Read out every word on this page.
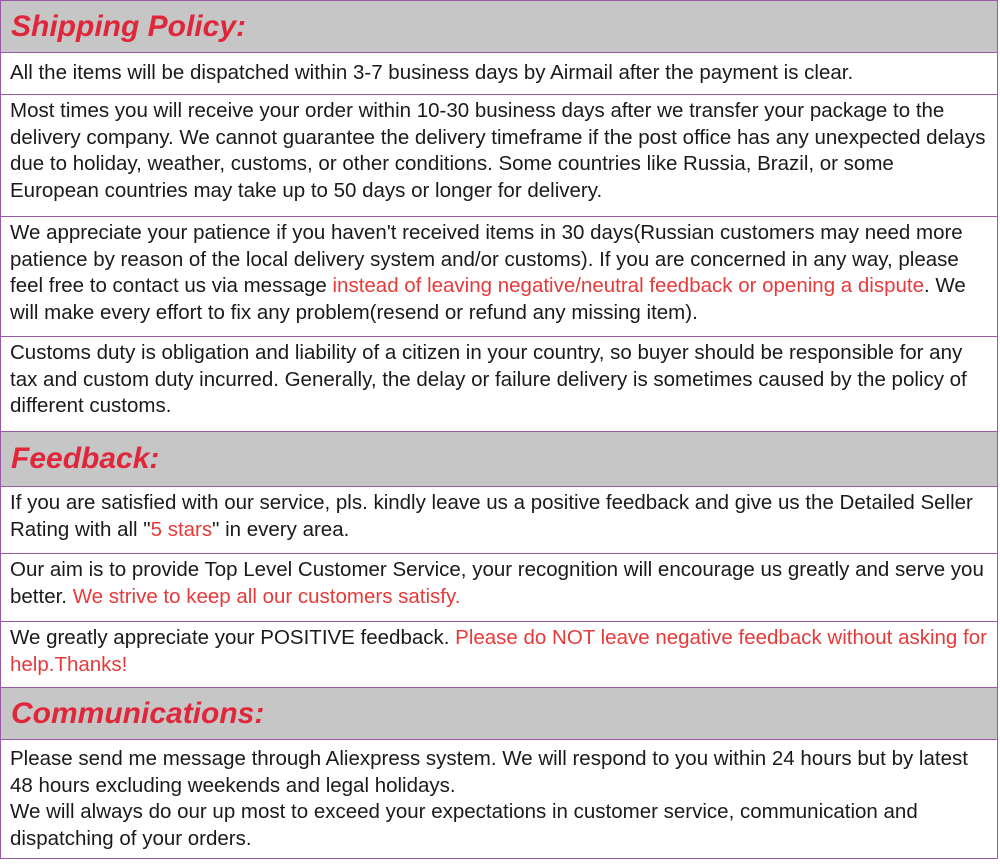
Shipping Policy:
All the items will be dispatched within 3-7 business days by Airmail after the payment is clear.
Most times you will receive your order within 10-30 business days after we transfer your package to the delivery company. We cannot guarantee the delivery timeframe if the post office has any unexpected delays due to holiday, weather, customs, or other conditions. Some countries like Russia, Brazil, or some European countries may take up to 50 days or longer for delivery.
We appreciate your patience if you haven't received items in 30 days(Russian customers may need more patience by reason of the local delivery system and/or customs). If you are concerned in any way, please feel free to contact us via message instead of leaving negative/neutral feedback or opening a dispute. We will make every effort to fix any problem(resend or refund any missing item).
Customs duty is obligation and liability of a citizen in your country, so buyer should be responsible for any tax and custom duty incurred. Generally, the delay or failure delivery is sometimes caused by the policy of different customs.
Feedback:
If you are satisfied with our service, pls. kindly leave us a positive feedback and give us the Detailed Seller Rating with all "5 stars" in every area.
Our aim is to provide Top Level Customer Service, your recognition will encourage us greatly and serve you better. We strive to keep all our customers satisfy.
We greatly appreciate your POSITIVE feedback. Please do NOT leave negative feedback without asking for help.Thanks!
Communications:
Please send me message through Aliexpress system. We will respond to you within 24 hours but by latest 48 hours excluding weekends and legal holidays.
We will always do our up most to exceed your expectations in customer service, communication and dispatching of your orders.
